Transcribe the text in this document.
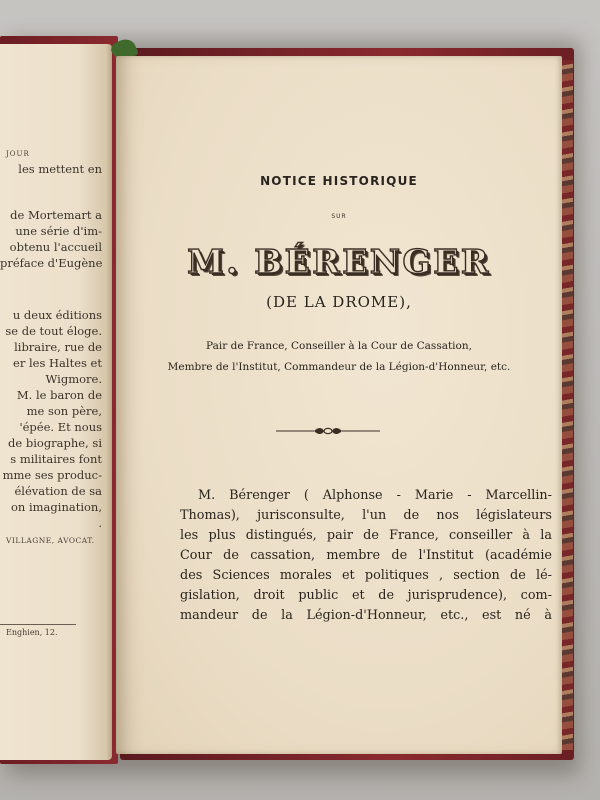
JOUR
les mettent en
de Mortemart a
une série d'im-
obtenu l'accueil
préface d'Eugène
u deux éditions
se de tout éloge.
libraire, rue de
er les Haltes et
Wigmore.
M. le baron de
me son père,
'épée. Et nous
de biographe, si
s militaires font
mme ses produc-
élévation de sa
on imagination,
.
VILLAGNE, AVOCAT.
Enghien, 12.
NOTICE HISTORIQUE
SUR
M. BÉRENGER
(DE LA DROME),
Pair de France, Conseiller à la Cour de Cassation,
Membre de l'Institut, Commandeur de la Légion-d'Honneur, etc.
M. Bérenger ( Alphonse - Marie - Marcellin-
Thomas), jurisconsulte, l'un de nos législateurs
les plus distingués, pair de France, conseiller à la
Cour de cassation, membre de l'Institut (académie
des Sciences morales et politiques , section de lé-
gislation, droit public et de jurisprudence), com-
mandeur de la Légion-d'Honneur, etc., est né à
